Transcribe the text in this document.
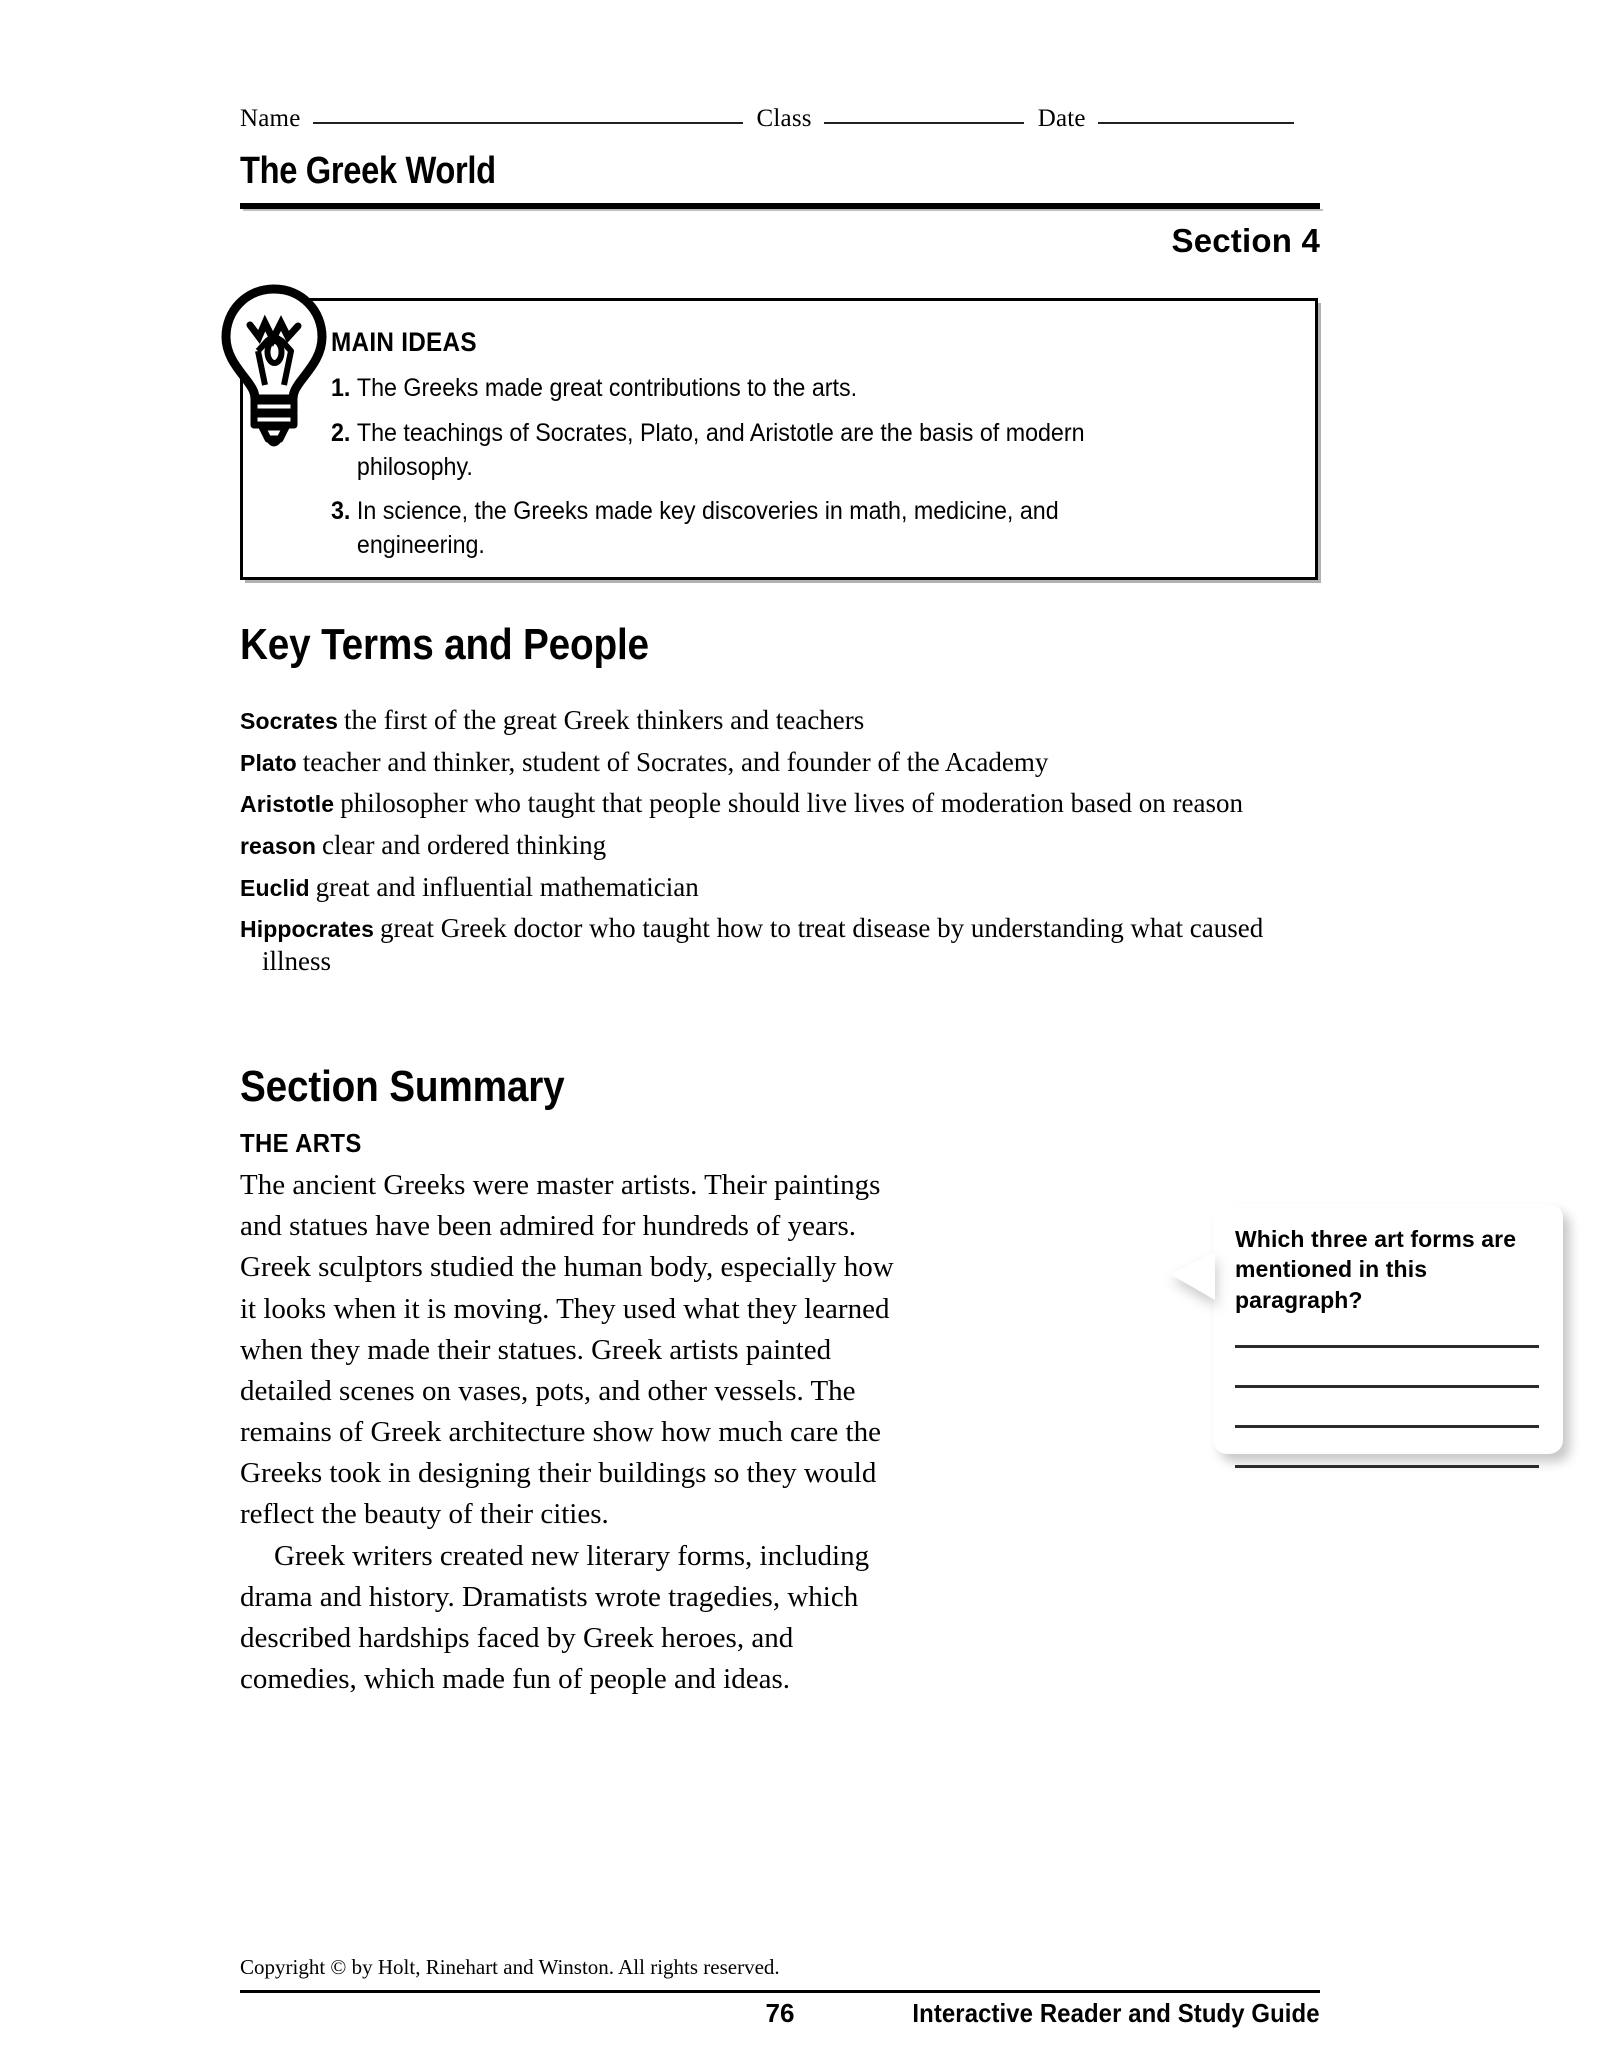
Name	Class	Date
The Greek World
Section 4
MAIN IDEAS
1. The Greeks made great contributions to the arts.
2. The teachings of Socrates, Plato, and Aristotle are the basis of modern philosophy.
3. In science, the Greeks made key discoveries in math, medicine, and engineering.
Key Terms and People
Socrates the first of the great Greek thinkers and teachers
Plato teacher and thinker, student of Socrates, and founder of the Academy
Aristotle philosopher who taught that people should live lives of moderation based on reason
reason clear and ordered thinking
Euclid great and influential mathematician
Hippocrates great Greek doctor who taught how to treat disease by understanding what caused illness
Section Summary
THE ARTS

The ancient Greeks were master artists. Their paintings and statues have been admired for hundreds of years. Greek sculptors studied the human body, especially how it looks when it is moving. They used what they learned when they made their statues. Greek artists painted detailed scenes on vases, pots, and other vessels. The remains of Greek architecture show how much care the Greeks took in designing their buildings so they would reflect the beauty of their cities.

Greek writers created new literary forms, including drama and history. Dramatists wrote tragedies, which described hardships faced by Greek heroes, and comedies, which made fun of people and ideas.

Which three art forms are mentioned in this paragraph?
Copyright © by Holt, Rinehart and Winston. All rights reserved.
76	Interactive Reader and Study Guide
